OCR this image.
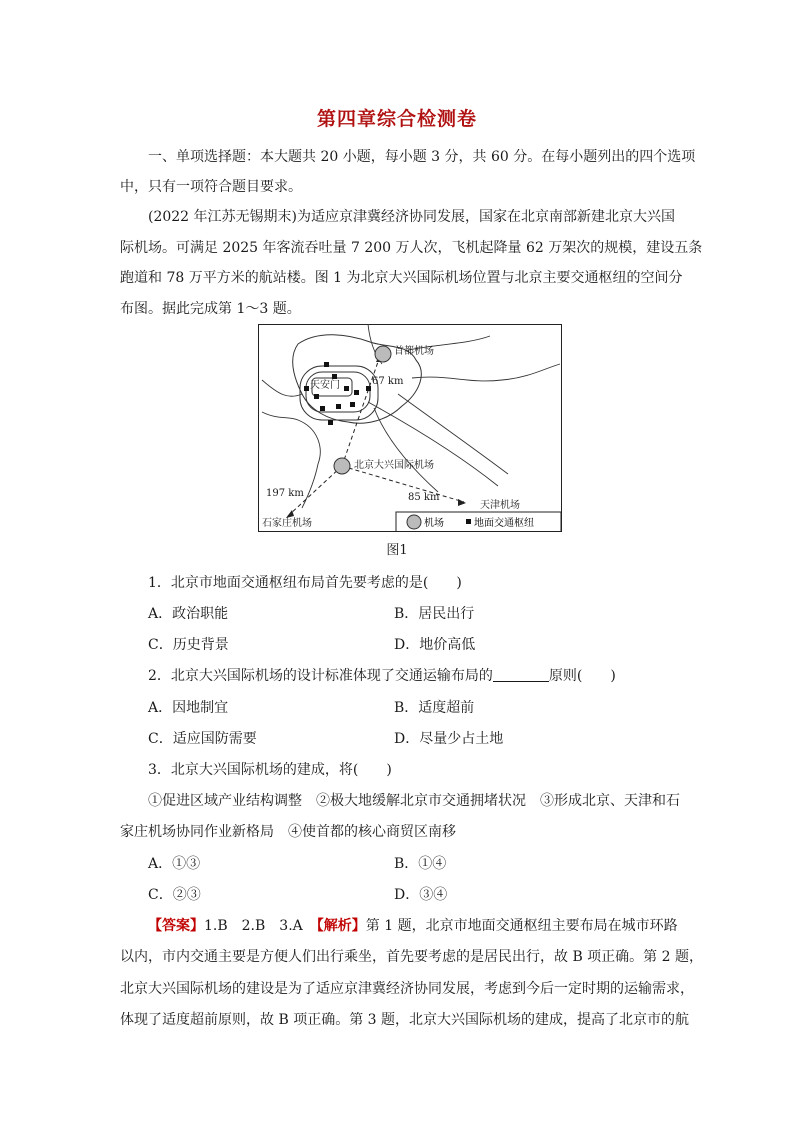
第四章综合检测卷
一、单项选择题：本大题共 20 小题，每小题 3 分，共 60 分。在每小题列出的四个选项
中，只有一项符合题目要求。
(2022 年江苏无锡期末)为适应京津冀经济协同发展，国家在北京南部新建北京大兴国
际机场。可满足 2025 年客流吞吐量 7 200 万人次，飞机起降量 62 万架次的规模，建设五条
跑道和 78 万平方米的航站楼。图 1 为北京大兴国际机场位置与北京主要交通枢纽的空间分
布图。据此完成第 1～3 题。
首都机场
天安门	67 km
北京大兴国际机场
197 km	85 km
天津机场
石家庄机场	机场	地面交通枢纽
图1
1．北京市地面交通枢纽布局首先要考虑的是(　　)
A．政治职能	B．居民出行
C．历史背景	D．地价高低
2．北京大兴国际机场的设计标准体现了交通运输布局的	原则(　　)
A．因地制宜	B．适度超前
C．适应国防需要	D．尽量少占土地
3．北京大兴国际机场的建成，将(　　)
①促进区域产业结构调整　②极大地缓解北京市交通拥堵状况　③形成北京、天津和石
家庄机场协同作业新格局　④使首都的核心商贸区南移
A．①③	B．①④
C．②③	D．③④
【答案】1.B　2.B　3.A　【解析】第 1 题，北京市地面交通枢纽主要布局在城市环路
以内，市内交通主要是方便人们出行乘坐，首先要考虑的是居民出行，故 B 项正确。第 2 题，
北京大兴国际机场的建设是为了适应京津冀经济协同发展，考虑到今后一定时期的运输需求，
体现了适度超前原则，故 B 项正确。第 3 题，北京大兴国际机场的建成，提高了北京市的航
